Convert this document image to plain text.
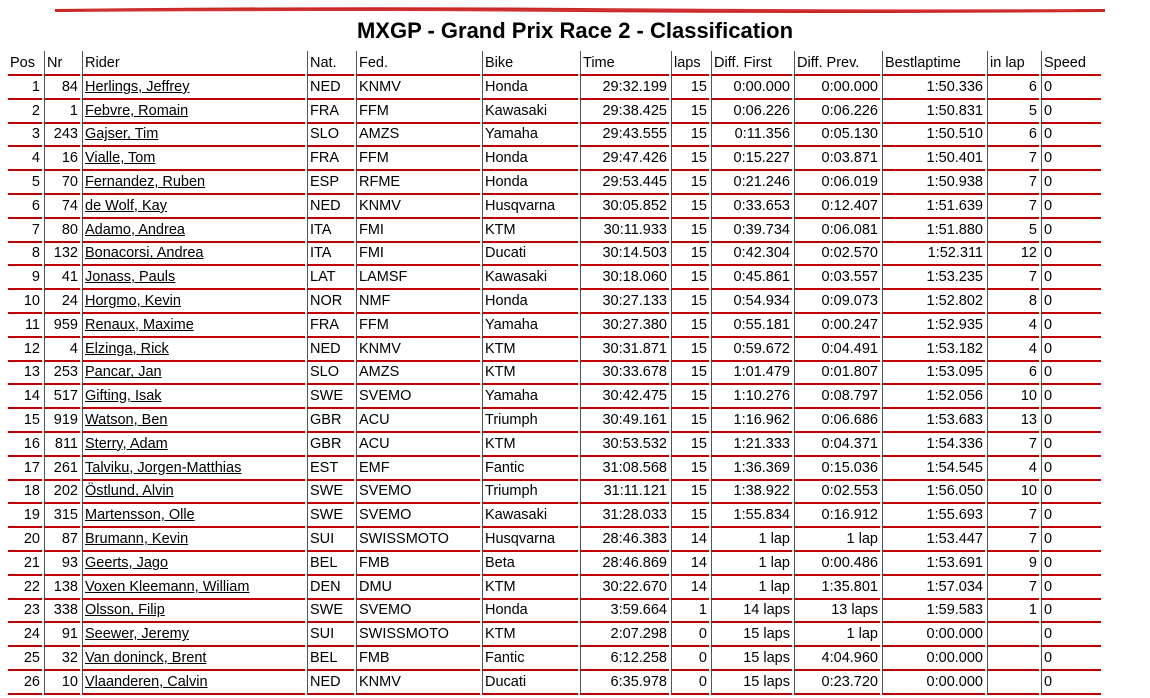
MXGP - Grand Prix Race 2 - Classification
Pos	Nr	Rider	Nat.	Fed.	Bike	Time	laps	Diff. First	Diff. Prev.	Bestlaptime	in lap	Speed
1	84	Herlings, Jeffrey	NED	KNMV	Honda	29:32.199	15	0:00.000	0:00.000	1:50.336	6	0
2	1	Febvre, Romain	FRA	FFM	Kawasaki	29:38.425	15	0:06.226	0:06.226	1:50.831	5	0
3	243	Gajser, Tim	SLO	AMZS	Yamaha	29:43.555	15	0:11.356	0:05.130	1:50.510	6	0
4	16	Vialle, Tom	FRA	FFM	Honda	29:47.426	15	0:15.227	0:03.871	1:50.401	7	0
5	70	Fernandez, Ruben	ESP	RFME	Honda	29:53.445	15	0:21.246	0:06.019	1:50.938	7	0
6	74	de Wolf, Kay	NED	KNMV	Husqvarna	30:05.852	15	0:33.653	0:12.407	1:51.639	7	0
7	80	Adamo, Andrea	ITA	FMI	KTM	30:11.933	15	0:39.734	0:06.081	1:51.880	5	0
8	132	Bonacorsi, Andrea	ITA	FMI	Ducati	30:14.503	15	0:42.304	0:02.570	1:52.311	12	0
9	41	Jonass, Pauls	LAT	LAMSF	Kawasaki	30:18.060	15	0:45.861	0:03.557	1:53.235	7	0
10	24	Horgmo, Kevin	NOR	NMF	Honda	30:27.133	15	0:54.934	0:09.073	1:52.802	8	0
11	959	Renaux, Maxime	FRA	FFM	Yamaha	30:27.380	15	0:55.181	0:00.247	1:52.935	4	0
12	4	Elzinga, Rick	NED	KNMV	KTM	30:31.871	15	0:59.672	0:04.491	1:53.182	4	0
13	253	Pancar, Jan	SLO	AMZS	KTM	30:33.678	15	1:01.479	0:01.807	1:53.095	6	0
14	517	Gifting, Isak	SWE	SVEMO	Yamaha	30:42.475	15	1:10.276	0:08.797	1:52.056	10	0
15	919	Watson, Ben	GBR	ACU	Triumph	30:49.161	15	1:16.962	0:06.686	1:53.683	13	0
16	811	Sterry, Adam	GBR	ACU	KTM	30:53.532	15	1:21.333	0:04.371	1:54.336	7	0
17	261	Talviku, Jorgen-Matthias	EST	EMF	Fantic	31:08.568	15	1:36.369	0:15.036	1:54.545	4	0
18	202	Östlund, Alvin	SWE	SVEMO	Triumph	31:11.121	15	1:38.922	0:02.553	1:56.050	10	0
19	315	Martensson, Olle	SWE	SVEMO	Kawasaki	31:28.033	15	1:55.834	0:16.912	1:55.693	7	0
20	87	Brumann, Kevin	SUI	SWISSMOTO	Husqvarna	28:46.383	14	1 lap	1 lap	1:53.447	7	0
21	93	Geerts, Jago	BEL	FMB	Beta	28:46.869	14	1 lap	0:00.486	1:53.691	9	0
22	138	Voxen Kleemann, William	DEN	DMU	KTM	30:22.670	14	1 lap	1:35.801	1:57.034	7	0
23	338	Olsson, Filip	SWE	SVEMO	Honda	3:59.664	1	14 laps	13 laps	1:59.583	1	0
24	91	Seewer, Jeremy	SUI	SWISSMOTO	KTM	2:07.298	0	15 laps	1 lap	0:00.000		0
25	32	Van doninck, Brent	BEL	FMB	Fantic	6:12.258	0	15 laps	4:04.960	0:00.000		0
26	10	Vlaanderen, Calvin	NED	KNMV	Ducati	6:35.978	0	15 laps	0:23.720	0:00.000		0
